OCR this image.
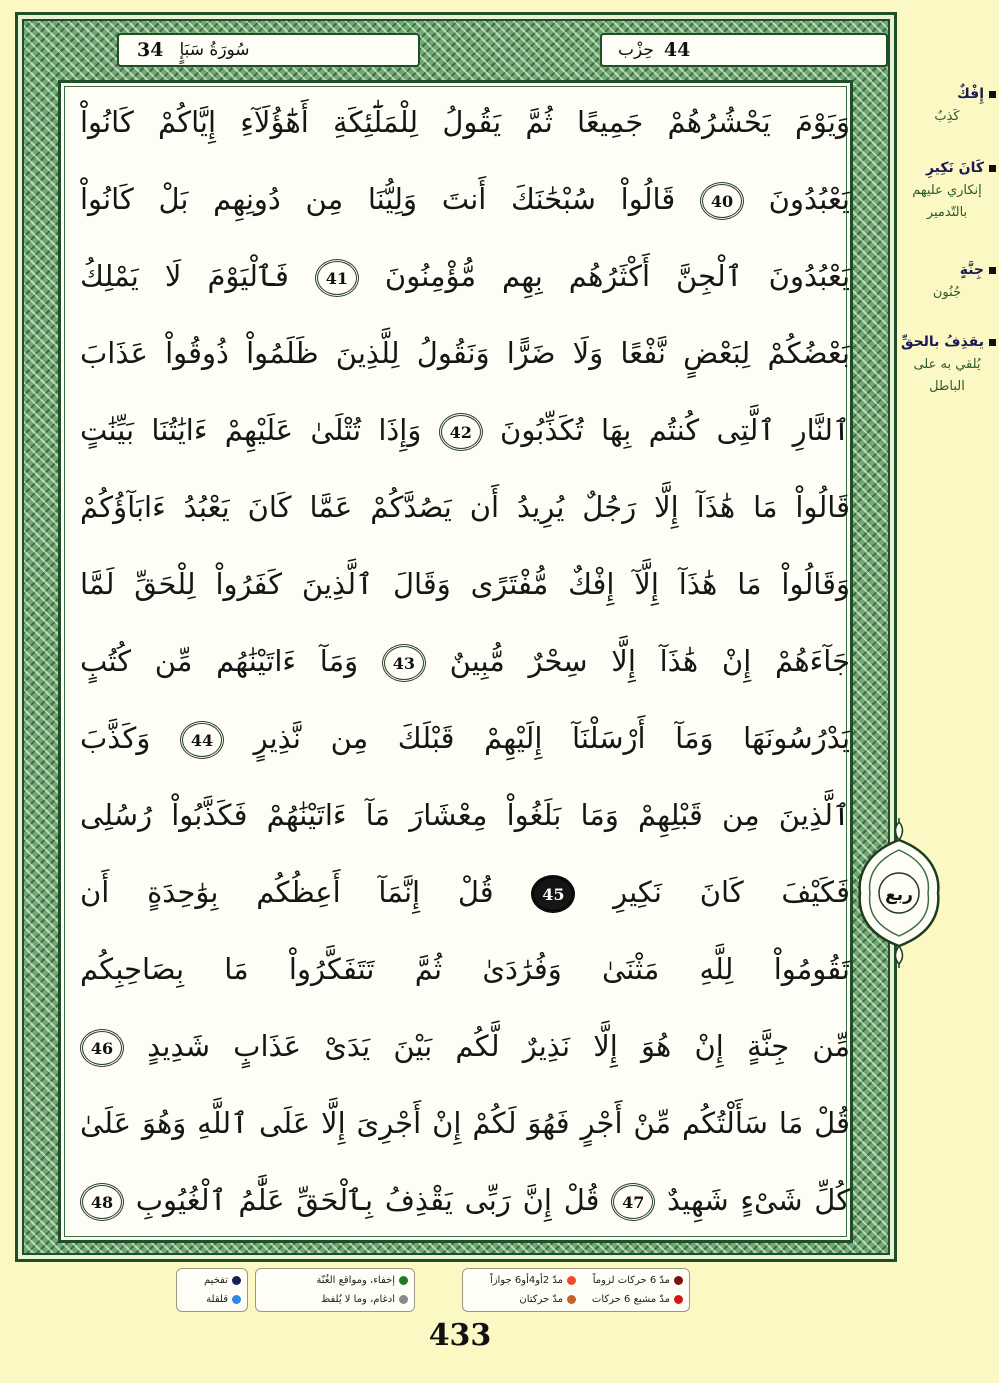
34 سُورَةُ سَبَإٍ	حِزْب 44
وَيَوْمَ يَحْشُرُهُمْ جَمِيعًا ثُمَّ يَقُولُ لِلْمَلَٰٓئِكَةِ أَهَٰٓؤُلَآءِ إِيَّاكُمْ كَانُواْ
يَعْبُدُونَ 40 قَالُواْ سُبْحَٰنَكَ أَنتَ وَلِيُّنَا مِن دُونِهِم بَلْ كَانُواْ
يَعْبُدُونَ ٱلْجِنَّ أَكْثَرُهُم بِهِم مُّؤْمِنُونَ 41 فَٱلْيَوْمَ لَا يَمْلِكُ
بَعْضُكُمْ لِبَعْضٍ نَّفْعًا وَلَا ضَرًّا وَنَقُولُ لِلَّذِينَ ظَلَمُواْ ذُوقُواْ عَذَابَ
ٱلنَّارِ ٱلَّتِى كُنتُم بِهَا تُكَذِّبُونَ 42 وَإِذَا تُتْلَىٰ عَلَيْهِمْ ءَايَٰتُنَا بَيِّنَٰتٍ
قَالُواْ مَا هَٰذَآ إِلَّا رَجُلٌ يُرِيدُ أَن يَصُدَّكُمْ عَمَّا كَانَ يَعْبُدُ ءَابَآؤُكُمْ
وَقَالُواْ مَا هَٰذَآ إِلَّآ إِفْكٌ مُّفْتَرًى وَقَالَ ٱلَّذِينَ كَفَرُواْ لِلْحَقِّ لَمَّا
جَآءَهُمْ إِنْ هَٰذَآ إِلَّا سِحْرٌ مُّبِينٌ 43 وَمَآ ءَاتَيْنَٰهُم مِّن كُتُبٍ
يَدْرُسُونَهَا وَمَآ أَرْسَلْنَآ إِلَيْهِمْ قَبْلَكَ مِن نَّذِيرٍ 44 وَكَذَّبَ
ٱلَّذِينَ مِن قَبْلِهِمْ وَمَا بَلَغُواْ مِعْشَارَ مَآ ءَاتَيْنَٰهُمْ فَكَذَّبُواْ رُسُلِى
فَكَيْفَ كَانَ نَكِيرِ 45 قُلْ إِنَّمَآ أَعِظُكُم بِوَٰحِدَةٍ أَن
تَقُومُواْ لِلَّهِ مَثْنَىٰ وَفُرَٰدَىٰ ثُمَّ تَتَفَكَّرُواْ مَا بِصَاحِبِكُم
مِّن جِنَّةٍ إِنْ هُوَ إِلَّا نَذِيرٌ لَّكُم بَيْنَ يَدَىْ عَذَابٍ شَدِيدٍ 46
قُلْ مَا سَأَلْتُكُم مِّنْ أَجْرٍ فَهُوَ لَكُمْ إِنْ أَجْرِىَ إِلَّا عَلَى ٱللَّهِ وَهُوَ عَلَىٰ
كُلِّ شَىْءٍ شَهِيدٌ 47 قُلْ إِنَّ رَبِّى يَقْذِفُ بِٱلْحَقِّ عَلَّٰمُ ٱلْغُيُوبِ 48
إِفْكٌ
كَذِبٌ
كَانَ نَكِيرِ
إنكاري عليهم بالتّدمير
جِنَّةٍ
جُنُون
يقذِفُ بالحقِّ
يُلقي به على الباطل
ربع
مدّ 6 حركات لزوماً
مدّ 2أو4أو6 جوازاً
مدّ مشبع 6 حركات
مدّ حركتان
إخفاء، ومواقع الغُنّة
ادغام، وما لا يُلفظ
تفخيم
قلقلة
433
